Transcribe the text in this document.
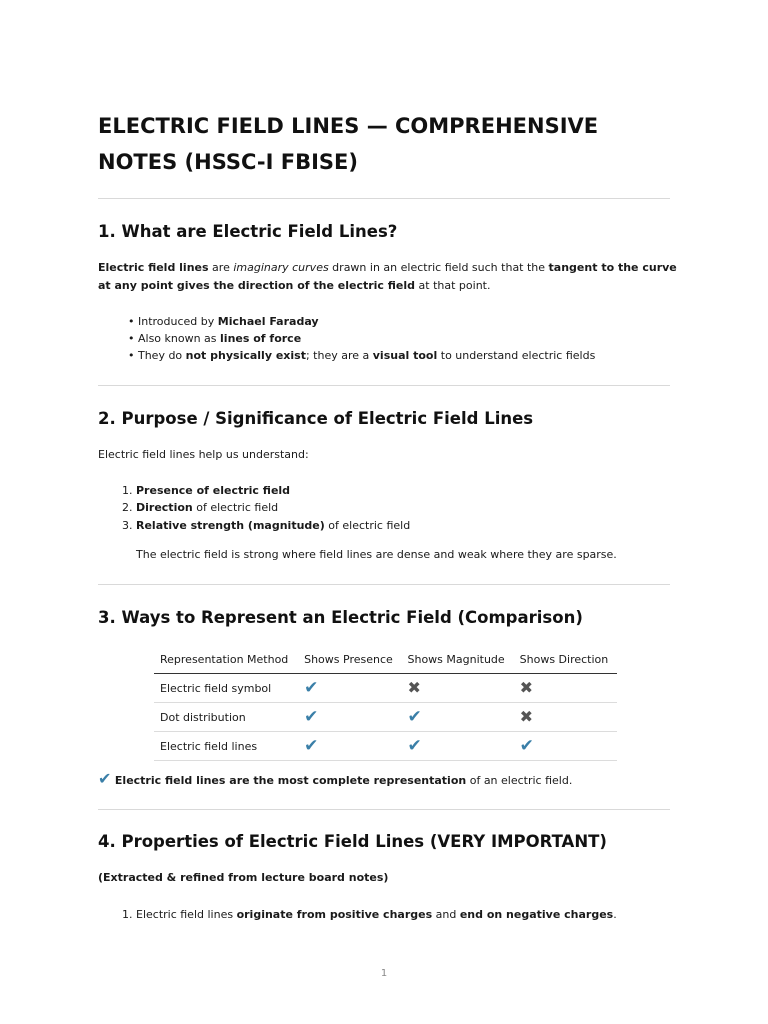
ELECTRIC FIELD LINES — COMPREHENSIVE NOTES (HSSC-I FBISE)
1. What are Electric Field Lines?

Electric field lines are imaginary curves drawn in an electric field such that the tangent to the curve at any point gives the direction of the electric field at that point.

• Introduced by Michael Faraday

• Also known as lines of force

• They do not physically exist; they are a visual tool to understand electric fields

2. Purpose / Significance of Electric Field Lines

Electric field lines help us understand:

1. Presence of electric field

2. Direction of electric field

3. Relative strength (magnitude) of electric field

The electric field is strong where field lines are dense and weak where they are sparse.

3. Ways to Represent an Electric Field (Comparison)
Representation Method	Shows Presence	Shows Magnitude	Shows Direction
Electric field symbol	✔	✖	✖
Dot distribution	✔	✔	✖
Electric field lines	✔	✔	✔

✔ Electric field lines are the most complete representation of an electric field.

4. Properties of Electric Field Lines (VERY IMPORTANT)

(Extracted & refined from lecture board notes)

1. Electric field lines originate from positive charges and end on negative charges.

1
